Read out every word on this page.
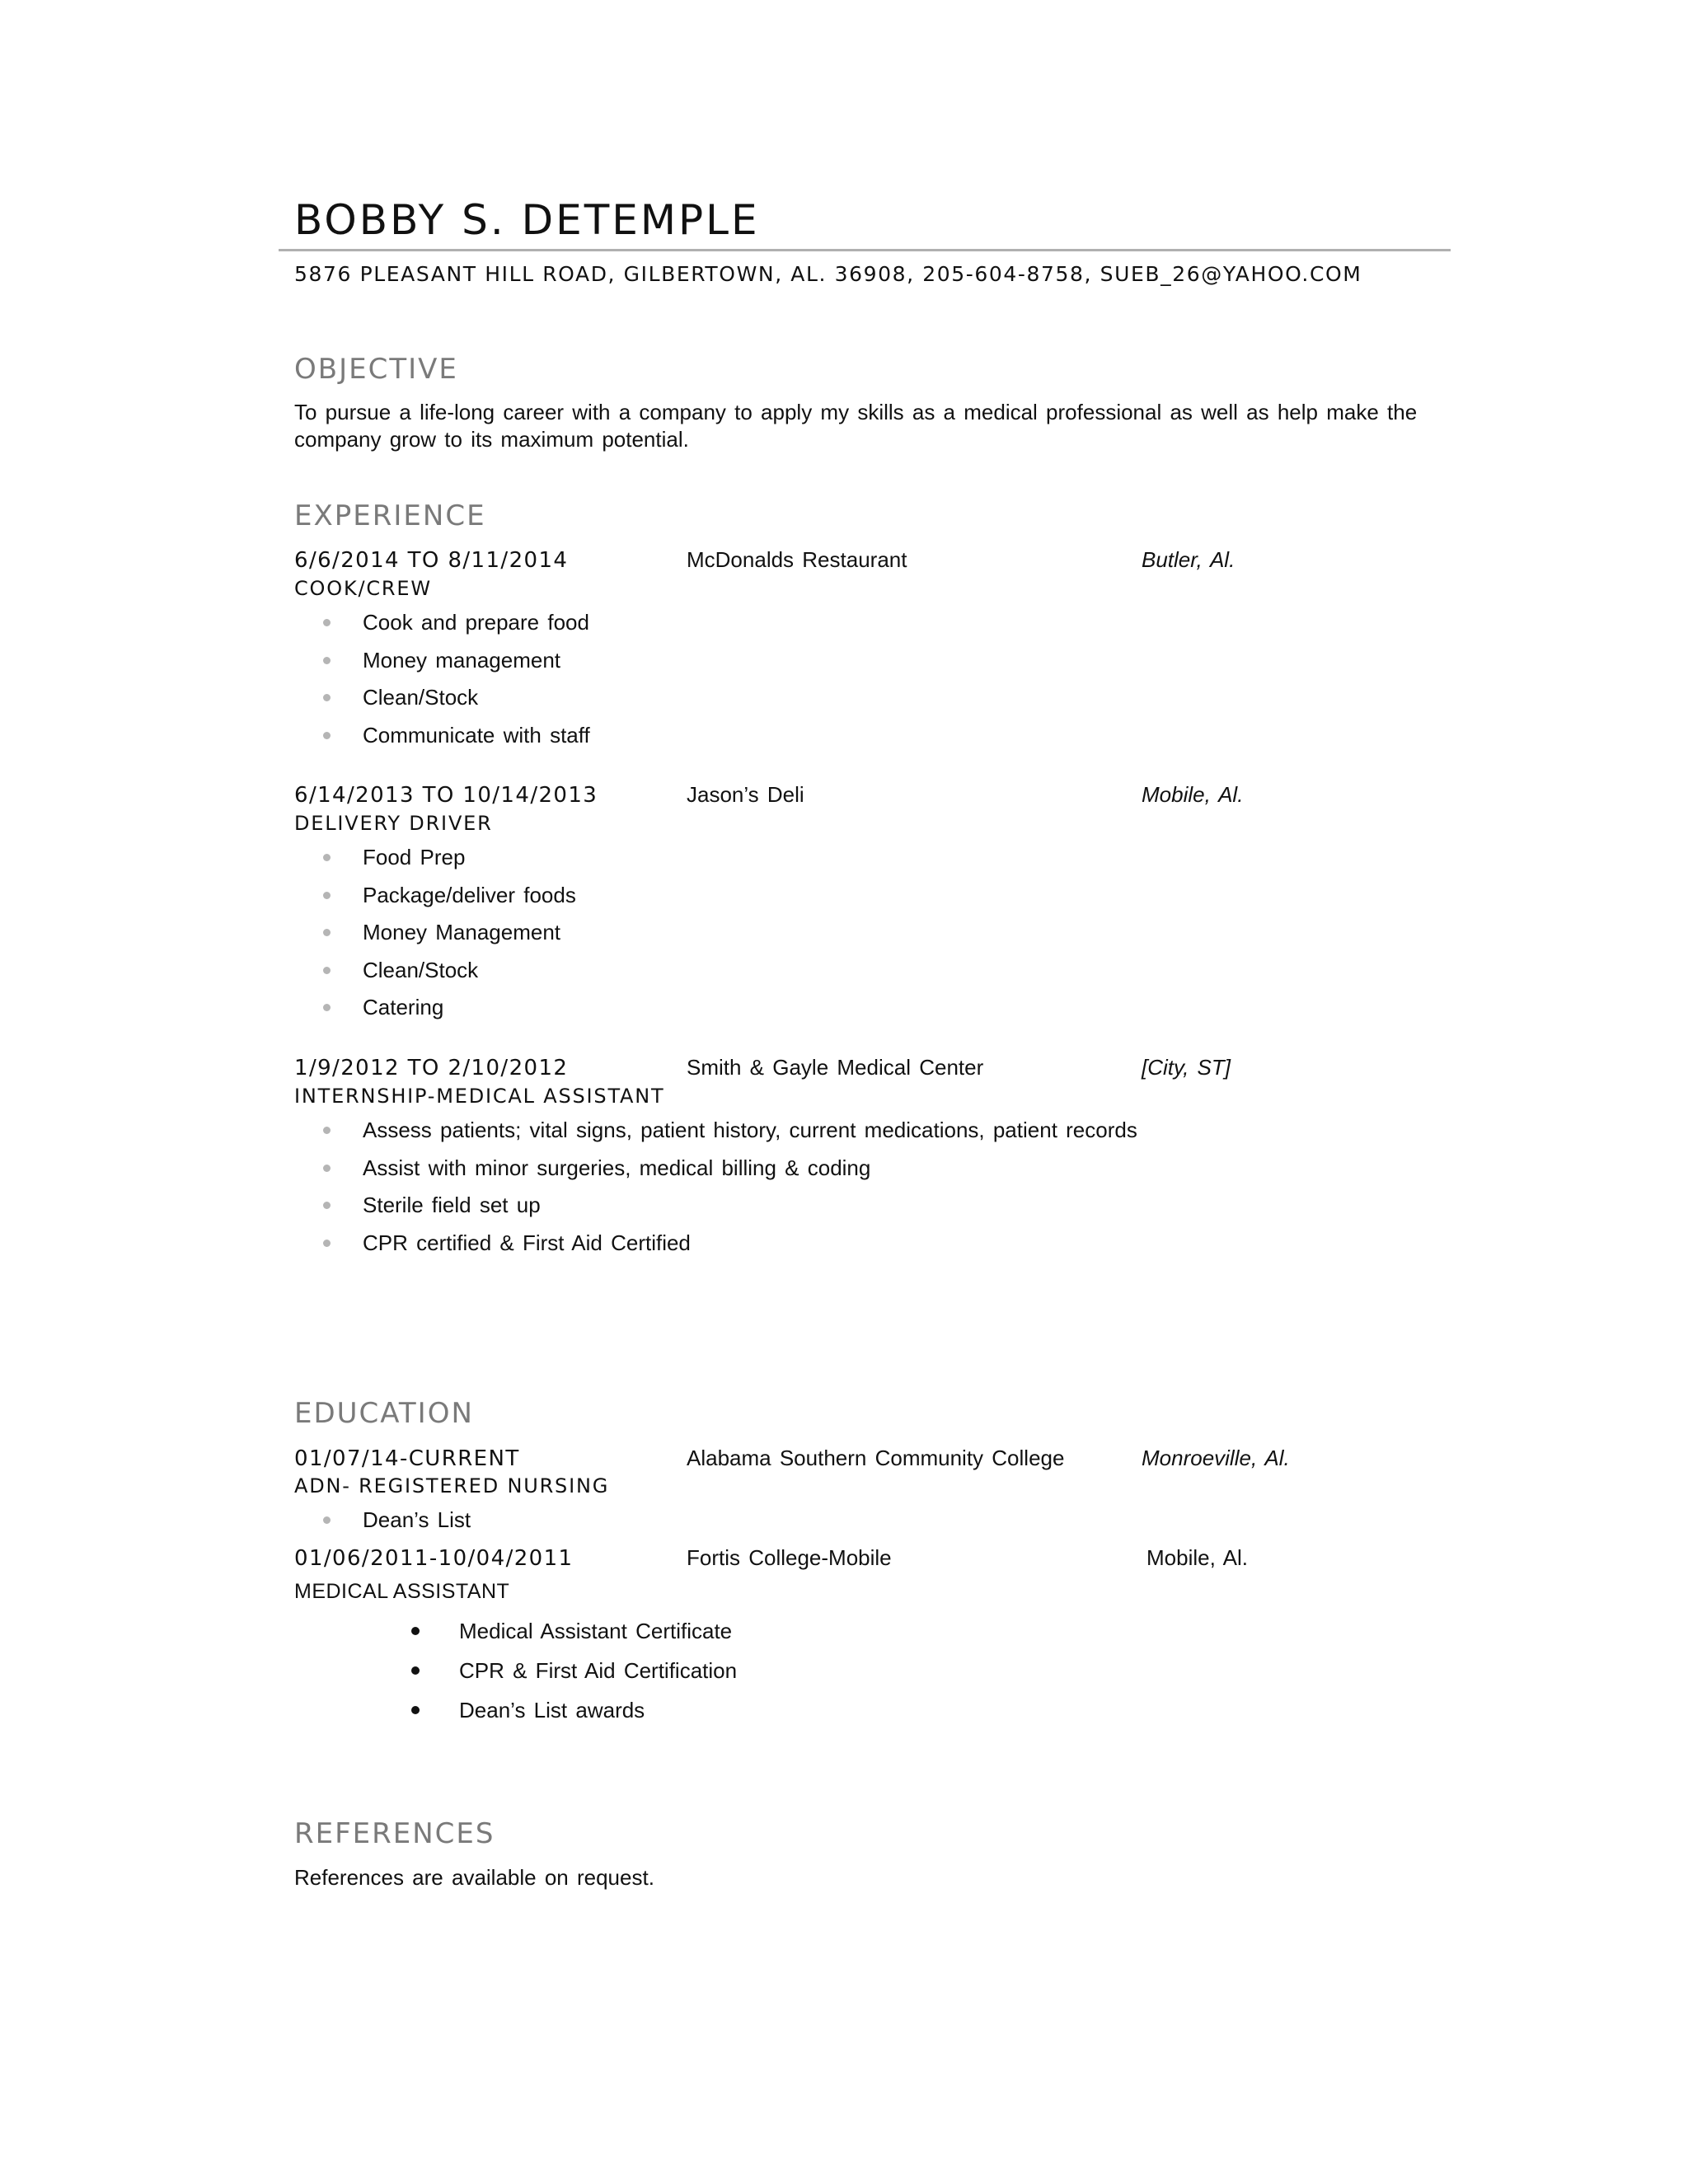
BOBBY S. DETEMPLE
5876 PLEASANT HILL ROAD, GILBERTOWN, AL. 36908, 205-604-8758, SUEB_26@YAHOO.COM
OBJECTIVE

To pursue a life-long career with a company to apply my skills as a medical professional as well as help make the company grow to its maximum potential.

EXPERIENCE
6/6/2014 TO 8/11/2014	McDonalds Restaurant	Butler, Al.
COOK/CREW
Cook and prepare food
Money management
Clean/Stock
Communicate with staff
6/14/2013 TO 10/14/2013	Jason’s Deli	Mobile, Al.
DELIVERY DRIVER
Food Prep
Package/deliver foods
Money Management
Clean/Stock
Catering
1/9/2012 TO 2/10/2012	Smith & Gayle Medical Center	[City, ST]
INTERNSHIP-MEDICAL ASSISTANT
Assess patients; vital signs, patient history, current medications, patient records
Assist with minor surgeries, medical billing & coding
Sterile field set up
CPR certified & First Aid Certified
EDUCATION
01/07/14-CURRENT	Alabama Southern Community College	Monroeville, Al.
ADN- REGISTERED NURSING
Dean’s List
01/06/2011-10/04/2011	Fortis College-Mobile	Mobile, Al.
MEDICAL ASSISTANT
Medical Assistant Certificate
CPR & First Aid Certification
Dean’s List awards
REFERENCES

References are available on request.
